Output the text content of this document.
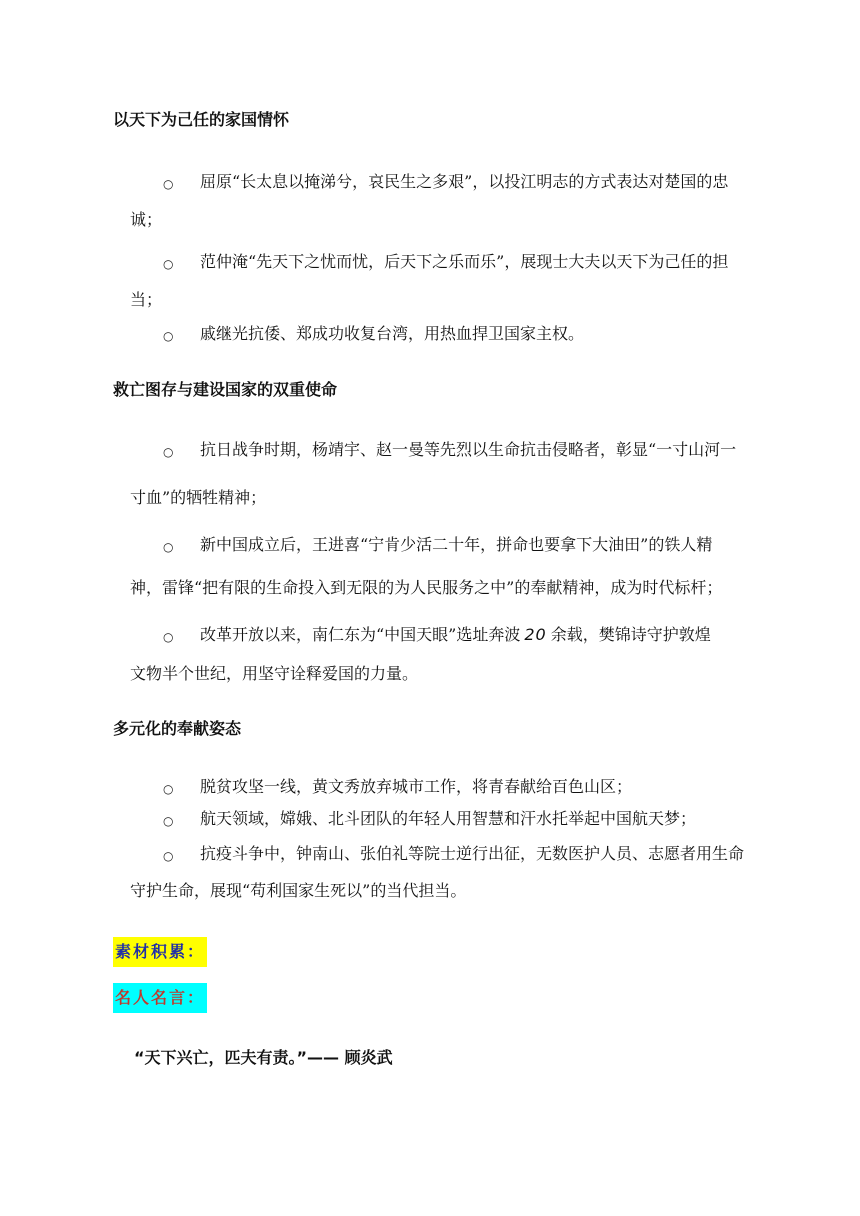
以天下为己任的家国情怀
○ 屈原“长太息以掩涕兮，哀民生之多艰”，以投江明志的方式表达对楚国的忠
诚；
○ 范仲淹“先天下之忧而忧，后天下之乐而乐”，展现士大夫以天下为己任的担
当；
○ 戚继光抗倭、郑成功收复台湾，用热血捍卫国家主权。
救亡图存与建设国家的双重使命
○ 抗日战争时期，杨靖宇、赵一曼等先烈以生命抗击侵略者，彰显“一寸山河一
寸血”的牺牲精神；
○ 新中国成立后，王进喜“宁肯少活二十年，拼命也要拿下大油田”的铁人精
神，雷锋“把有限的生命投入到无限的为人民服务之中”的奉献精神，成为时代标杆；
○ 改革开放以来，南仁东为“中国天眼”选址奔波 20 余载，樊锦诗守护敦煌
文物半个世纪，用坚守诠释爱国的力量。
多元化的奉献姿态
○ 脱贫攻坚一线，黄文秀放弃城市工作，将青春献给百色山区；
○ 航天领域，嫦娥、北斗团队的年轻人用智慧和汗水托举起中国航天梦；
○ 抗疫斗争中，钟南山、张伯礼等院士逆行出征，无数医护人员、志愿者用生命
守护生命，展现“苟利国家生死以”的当代担当。
素材积累：
名人名言：
“天下兴亡，匹夫有责。”—— 顾炎武
